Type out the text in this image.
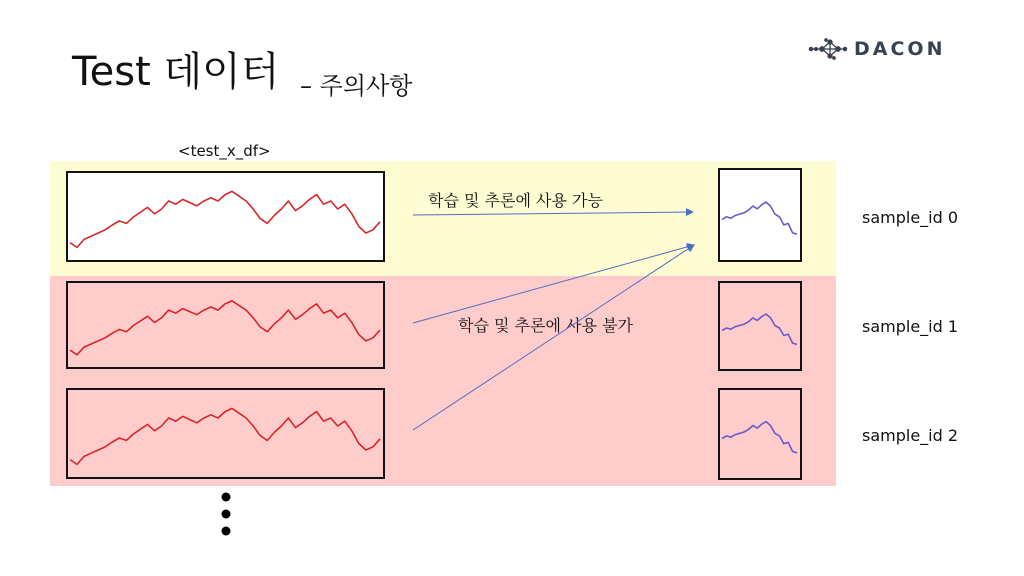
Test 데이터 – 주의사항
DACON
<test_x_df>
sample_id 0
sample_id 1
sample_id 2
학습 및 추론에 사용 가능
학습 및 추론에 사용 불가
